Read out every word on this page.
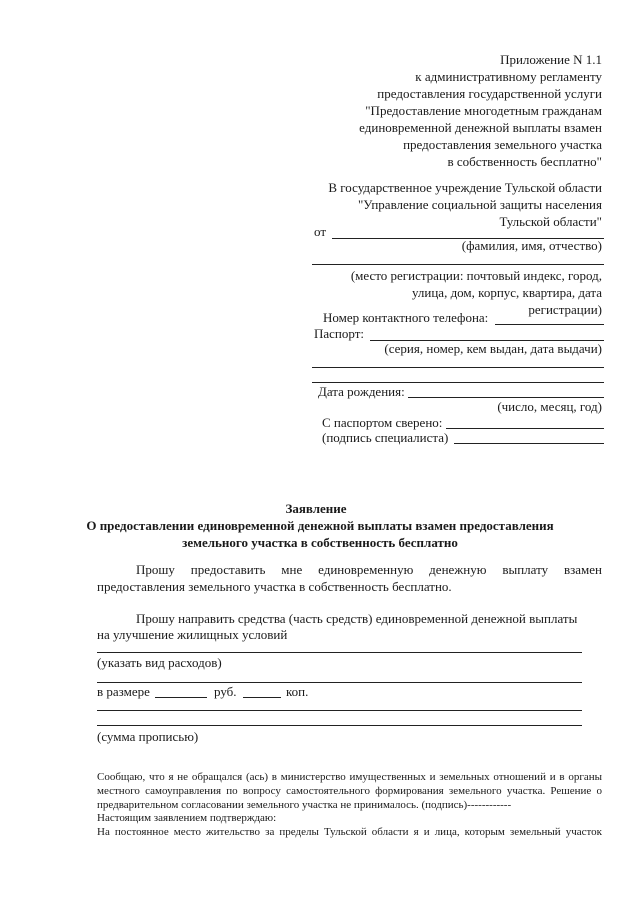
Приложение N 1.1
к административному регламенту
предоставления государственной услуги
"Предоставление многодетным гражданам
единовременной денежной выплаты взамен
предоставления земельного участка
в собственность бесплатно"
В государственное учреждение Тульской области
"Управление социальной защиты населения
Тульской области"
от
(фамилия, имя, отчество)
(место регистрации: почтовый индекс, город,
улица, дом, корпус, квартира, дата
регистрации)
Номер контактного телефона:
Паспорт:
(серия, номер, кем выдан, дата выдачи)
Дата рождения:
(число, месяц, год)
С паспортом сверено:
(подпись специалиста)
Заявление
О предоставлении единовременной денежной выплаты взамен предоставления
земельного участка в собственность бесплатно
Прошу предоставить мне единовременную денежную выплату взамен
предоставления земельного участка в собственность бесплатно.
Прошу направить средства (часть средств) единовременной денежной выплаты
на улучшение жилищных условий
(указать вид расходов)
в размере	руб.	коп.
(сумма прописью)
Сообщаю, что я не обращался (ась) в министерство имущественных и земельных отношений и в органы
местного самоуправления по вопросу самостоятельного формирования земельного участка. Решение о
предварительном согласовании земельного участка не принималось. (подпись)------------
Настоящим заявлением подтверждаю:
На постоянное место жительство за пределы Тульской области я и лица, которым земельный участок
